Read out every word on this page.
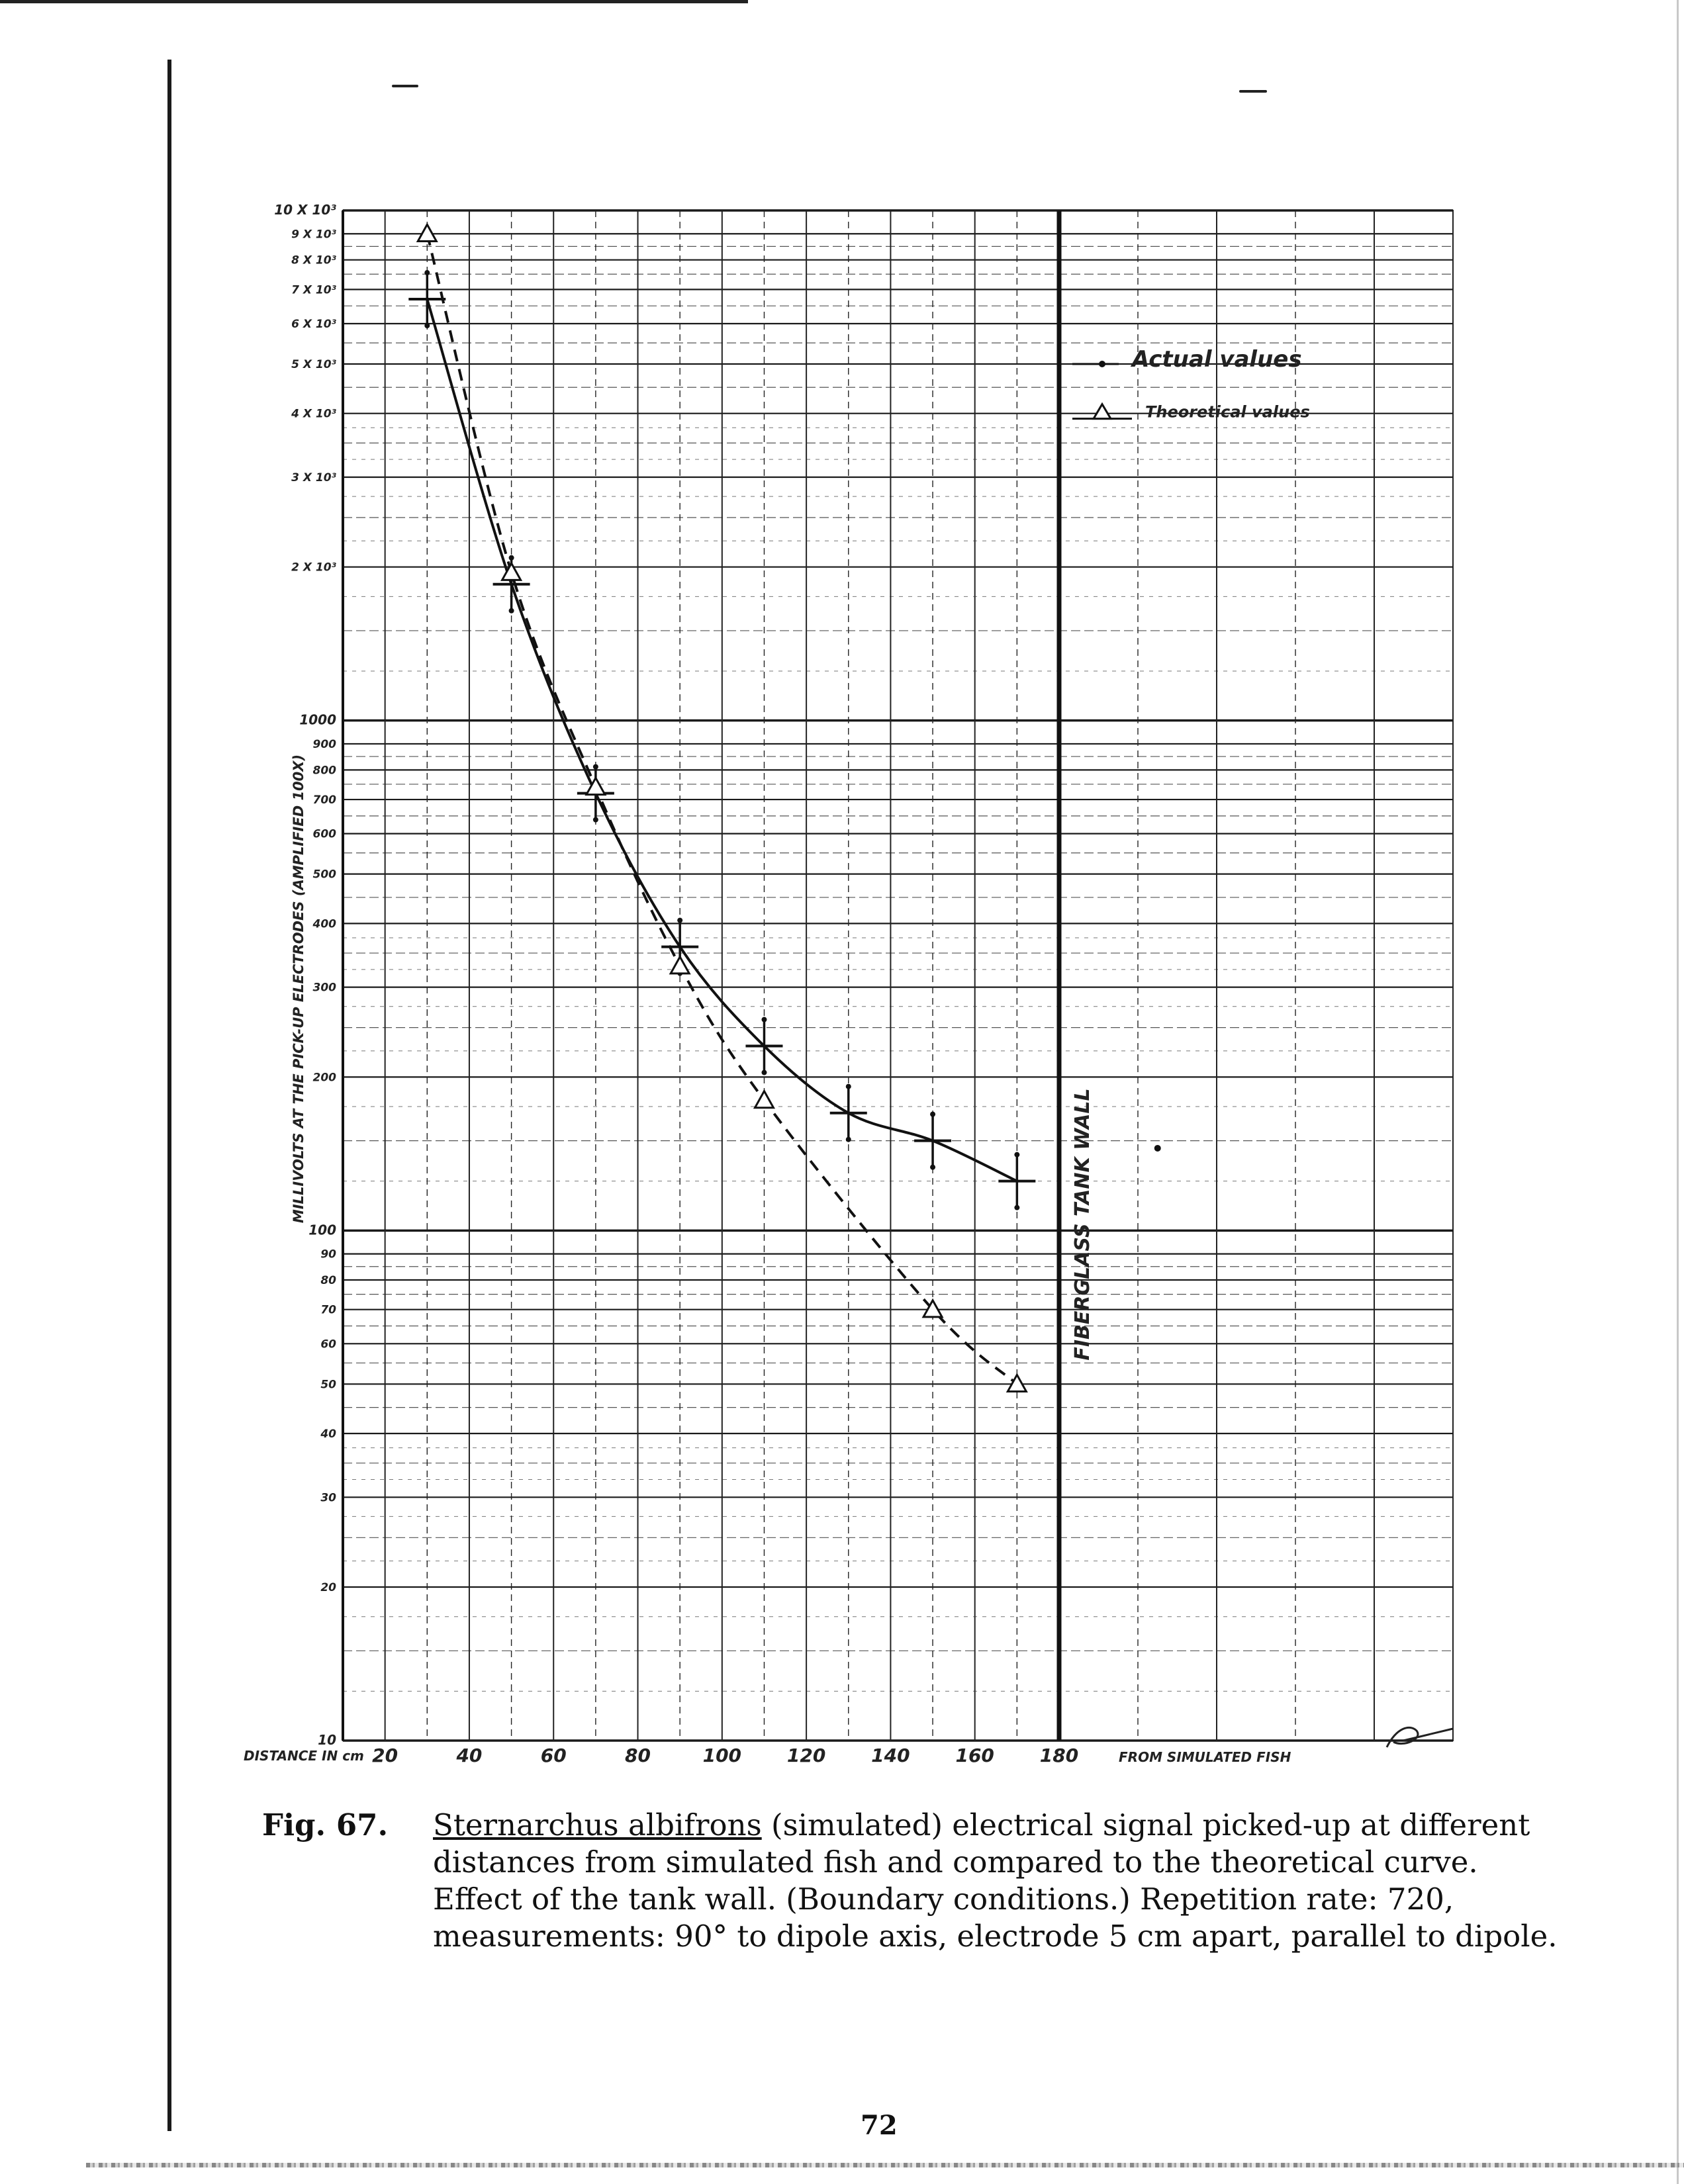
10 X 10³
9 X 10³
8 X 10³
7 X 10³
6 X 10³
5 X 10³
4 X 10³
3 X 10³
2 X 10³
1000
900
800
700
600
500
400
300
200
100
90
80
70
60
50
40
30
20
10
DISTANCE IN cm 20	40	60	80	100 120 140 160 180	FROM SIMULATED FISH
MILLIVOLTS AT THE PICK-UP ELECTRODES (AMPLIFIED 100X)
FIBERGLASS TANK WALL
Actual values
Theoretical values
Fig. 67.	Sternarchus albifrons (simulated) electrical signal picked-up at different distances from simulated fish and compared to the theoretical curve. Effect of the tank wall. (Boundary conditions.) Repetition rate: 720, measurements: 90° to dipole axis, electrode 5 cm apart, parallel to dipole.
72
